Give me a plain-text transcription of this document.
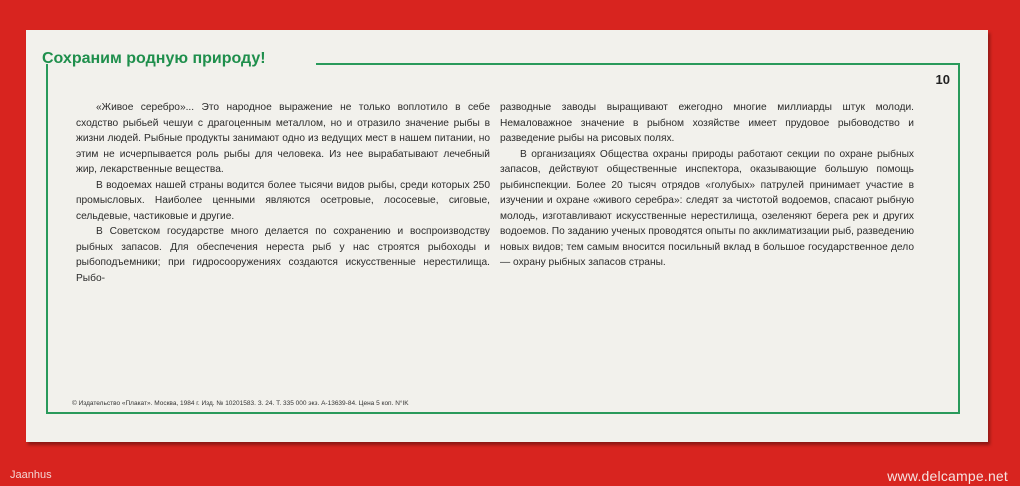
Сохраним родную природу!
10

«Живое серебро»... Это народное выражение не только воплотило в себе сходство рыбьей чешуи с драгоценным металлом, но и отразило значение рыбы в жизни людей. Рыбные продукты занимают одно из ведущих мест в нашем питании, но этим не исчерпывается роль рыбы для человека. Из нее вырабатывают лечебный жир, лекарственные вещества.

В водоемах нашей страны водится более тысячи видов рыбы, среди которых 250 промысловых. Наиболее ценными являются осетровые, лососевые, сиговые, сельдевые, частиковые и другие.

В Советском государстве много делается по сохранению и воспроизводству рыбных запасов. Для обеспечения нереста рыб у нас строятся рыбоходы и рыбоподъемники; при гидросооружениях создаются искусственные нерестилища. Рыбо-

разводные заводы выращивают ежегодно многие миллиарды штук молоди. Немаловажное значение в рыбном хозяйстве имеет прудовое рыбоводство и разведение рыбы на рисовых полях.

В организациях Общества охраны природы работают секции по охране рыбных запасов, действуют общественные инспектора, оказывающие большую помощь рыбинспекции. Более 20 тысяч отрядов «голубых» патрулей принимает участие в изучении и охране «живого серебра»: следят за чистотой водоемов, спасают рыбную молодь, изготавливают искусственные нерестилища, озеленяют берега рек и других водоемов. По заданию ученых проводятся опыты по акклиматизации рыб, разведению новых видов; тем самым вносится посильный вклад в большое государственное дело — охрану рыбных запасов страны.

© Издательство «Плакат». Москва, 1984 г. Изд. № 10201583. З. 24. Т. 335 000 экз. А-13639-84. Цена 5 коп. N°IK
Jaanhus	www.delcampe.net
